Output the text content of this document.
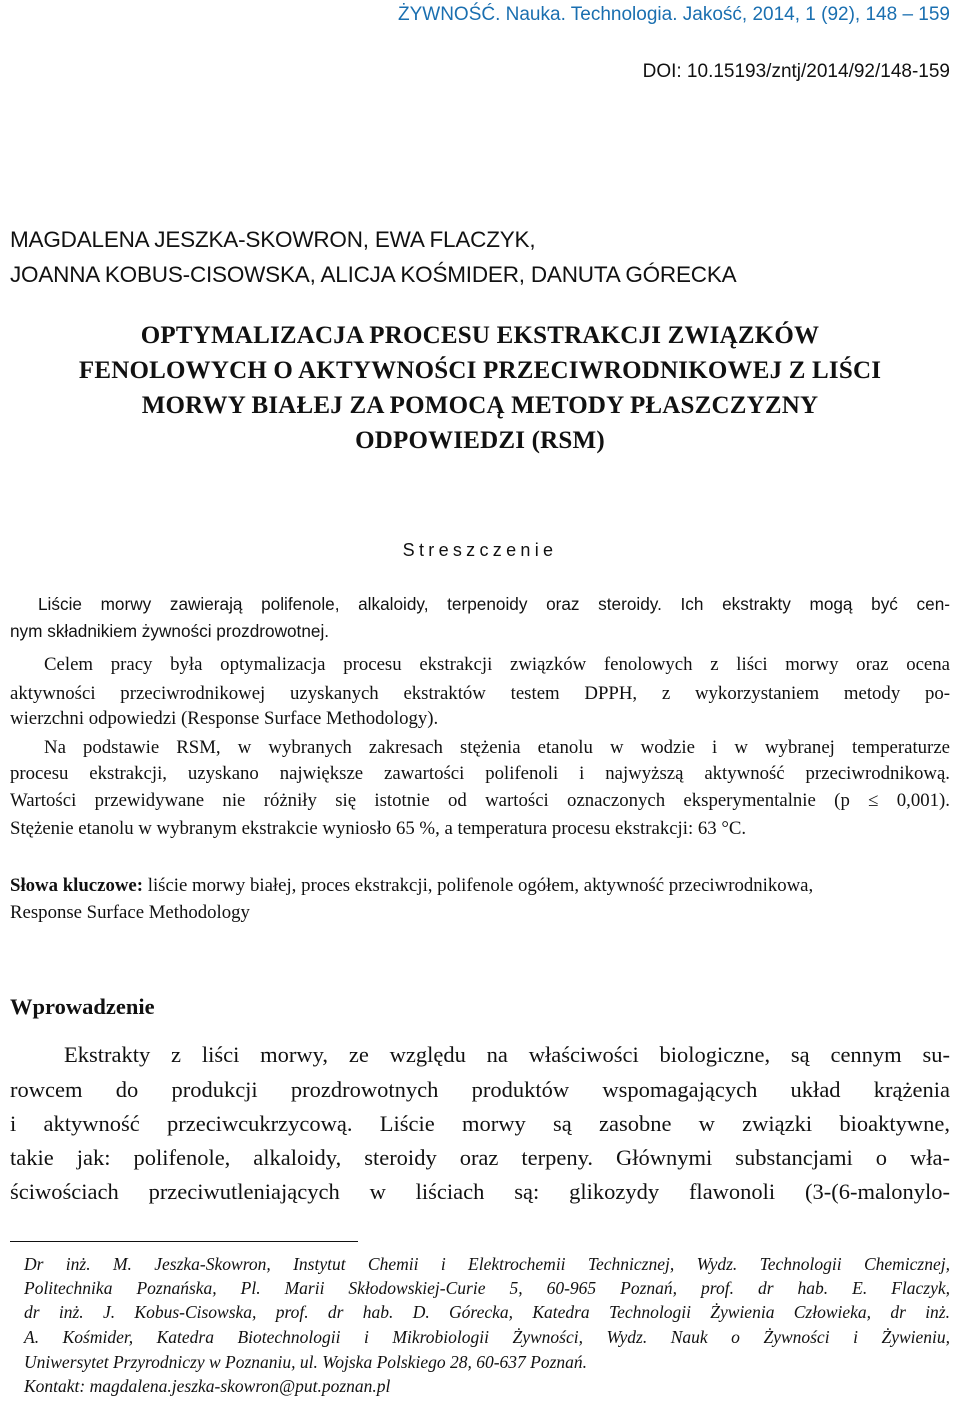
ŻYWNOŚĆ. Nauka. Technologia. Jakość, 2014, 1 (92), 148 – 159
DOI: 10.15193/zntj/2014/92/148-159
MAGDALENA JESZKA-SKOWRON, EWA FLACZYK,
JOANNA KOBUS-CISOWSKA, ALICJA KOŚMIDER, DANUTA GÓRECKA
OPTYMALIZACJA PROCESU EKSTRAKCJI ZWIĄZKÓW
FENOLOWYCH O AKTYWNOŚCI PRZECIWRODNIKOWEJ Z LIŚCI
MORWY BIAŁEJ ZA POMOCĄ METODY PŁASZCZYZNY
ODPOWIEDZI (RSM)
Streszczenie
Liście morwy zawierają polifenole, alkaloidy, terpenoidy oraz steroidy. Ich ekstrakty mogą być cen-
nym składnikiem żywności prozdrowotnej.
Celem pracy była optymalizacja procesu ekstrakcji związków fenolowych z liści morwy oraz ocena
aktywności przeciwrodnikowej uzyskanych ekstraktów testem DPPH, z wykorzystaniem metody po-
wierzchni odpowiedzi (Response Surface Methodology).
Na podstawie RSM, w wybranych zakresach stężenia etanolu w wodzie i w wybranej temperaturze
procesu ekstrakcji, uzyskano największe zawartości polifenoli i najwyższą aktywność przeciwrodnikową.
Wartości przewidywane nie różniły się istotnie od wartości oznaczonych eksperymentalnie (p ≤ 0,001).
Stężenie etanolu w wybranym ekstrakcie wyniosło 65 %, a temperatura procesu ekstrakcji: 63 °C.
Słowa kluczowe: liście morwy białej, proces ekstrakcji, polifenole ogółem, aktywność przeciwrodnikowa,
Response Surface Methodology
Wprowadzenie
Ekstrakty z liści morwy, ze względu na właściwości biologiczne, są cennym su-
rowcem do produkcji prozdrowotnych produktów wspomagających układ krążenia
i aktywność przeciwcukrzycową. Liście morwy są zasobne w związki bioaktywne,
takie jak: polifenole, alkaloidy, steroidy oraz terpeny. Głównymi substancjami o wła-
ściwościach przeciwutleniających w liściach są: glikozydy flawonoli (3-(6-malonylo-
Dr inż. M. Jeszka-Skowron, Instytut Chemii i Elektrochemii Technicznej, Wydz. Technologii Chemicznej,
Politechnika Poznańska, Pl. Marii Skłodowskiej-Curie 5, 60-965 Poznań, prof. dr hab. E. Flaczyk,
dr inż. J. Kobus-Cisowska, prof. dr hab. D. Górecka, Katedra Technologii Żywienia Człowieka, dr inż.
A. Kośmider, Katedra Biotechnologii i Mikrobiologii Żywności, Wydz. Nauk o Żywności i Żywieniu,
Uniwersytet Przyrodniczy w Poznaniu, ul. Wojska Polskiego 28, 60-637 Poznań.
Kontakt: magdalena.jeszka-skowron@put.poznan.pl
